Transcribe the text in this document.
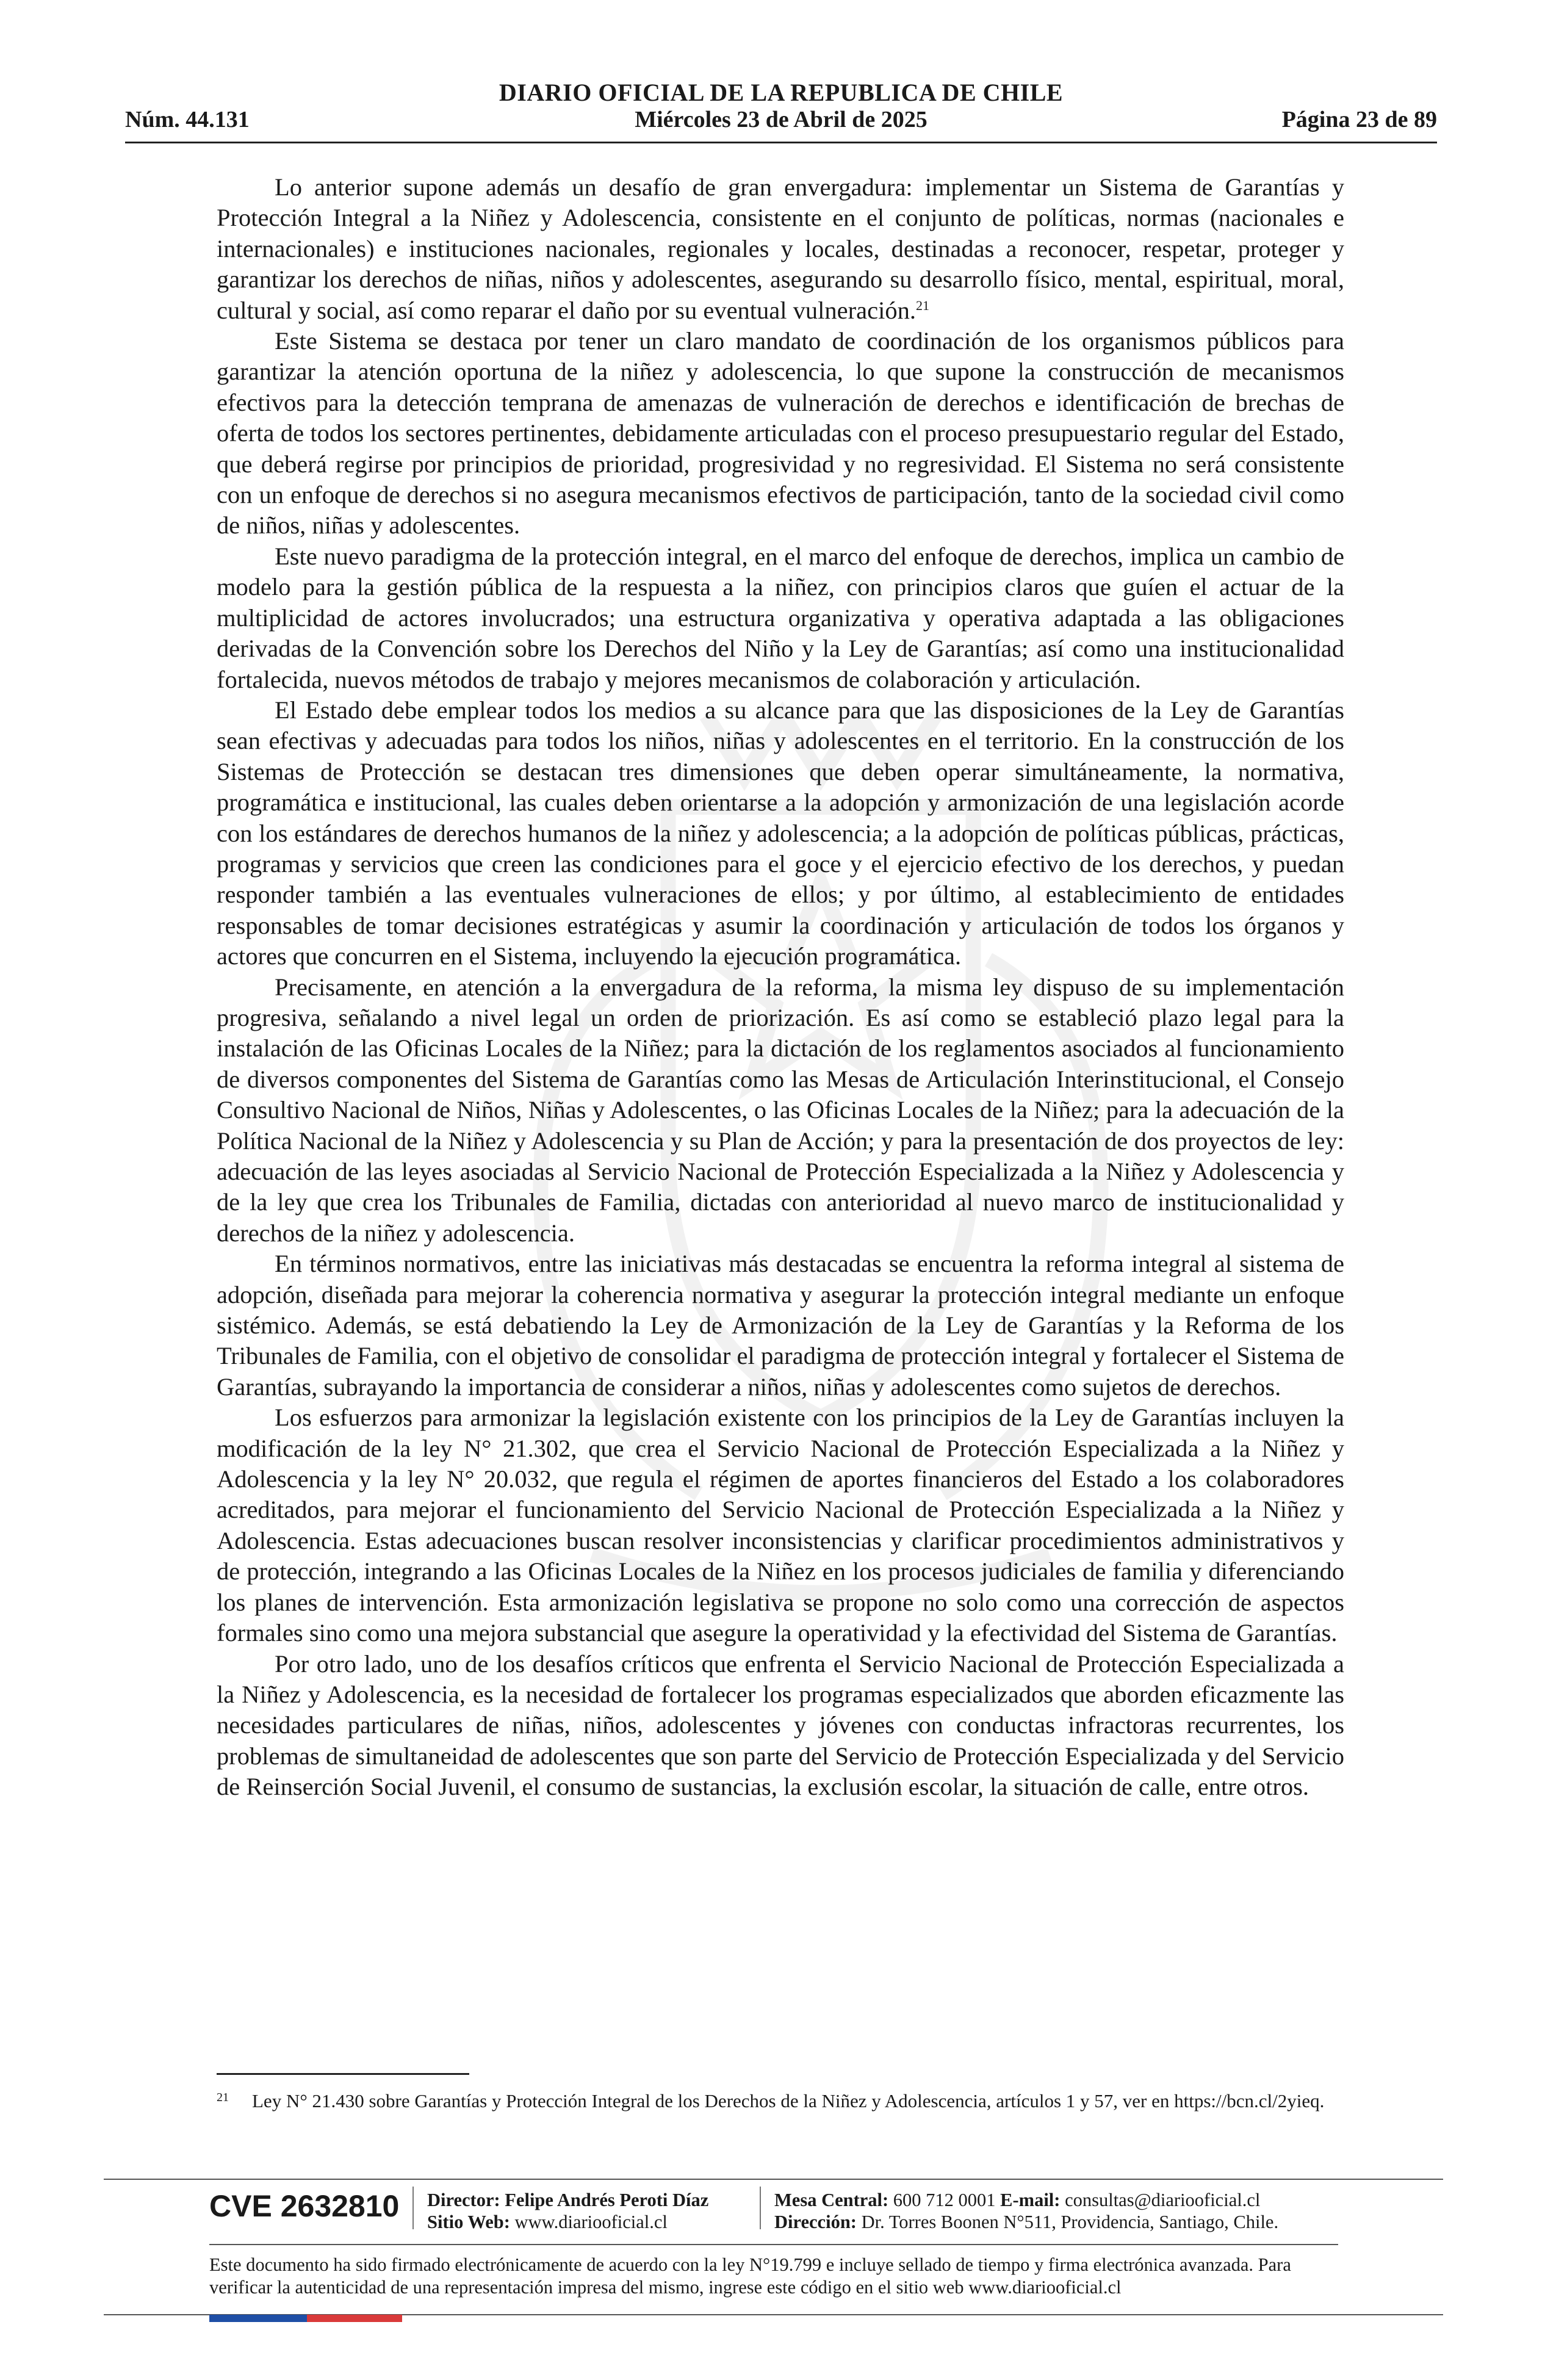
DIARIO OFICIAL DE LA REPUBLICA DE CHILE
Núm. 44.131	Miércoles 23 de Abril de 2025	Página 23 de 89

Lo anterior supone además un desafío de gran envergadura: implementar un Sistema de Garantías y Protección Integral a la Niñez y Adolescencia, consistente en el conjunto de políticas, normas (nacionales e internacionales) e instituciones nacionales, regionales y locales, destinadas a reconocer, respetar, proteger y garantizar los derechos de niñas, niños y adolescentes, asegurando su desarrollo físico, mental, espiritual, moral, cultural y social, así como reparar el daño por su eventual vulneración.$^{21}$

Este Sistema se destaca por tener un claro mandato de coordinación de los organismos públicos para garantizar la atención oportuna de la niñez y adolescencia, lo que supone la construcción de mecanismos efectivos para la detección temprana de amenazas de vulneración de derechos e identificación de brechas de oferta de todos los sectores pertinentes, debidamente articuladas con el proceso presupuestario regular del Estado, que deberá regirse por principios de prioridad, progresividad y no regresividad. El Sistema no será consistente con un enfoque de derechos si no asegura mecanismos efectivos de participación, tanto de la sociedad civil como de niños, niñas y adolescentes.

Este nuevo paradigma de la protección integral, en el marco del enfoque de derechos, implica un cambio de modelo para la gestión pública de la respuesta a la niñez, con principios claros que guíen el actuar de la multiplicidad de actores involucrados; una estructura organizativa y operativa adaptada a las obligaciones derivadas de la Convención sobre los Derechos del Niño y la Ley de Garantías; así como una institucionalidad fortalecida, nuevos métodos de trabajo y mejores mecanismos de colaboración y articulación.

El Estado debe emplear todos los medios a su alcance para que las disposiciones de la Ley de Garantías sean efectivas y adecuadas para todos los niños, niñas y adolescentes en el territorio. En la construcción de los Sistemas de Protección se destacan tres dimensiones que deben operar simultáneamente, la normativa, programática e institucional, las cuales deben orientarse a la adopción y armonización de una legislación acorde con los estándares de derechos humanos de la niñez y adolescencia; a la adopción de políticas públicas, prácticas, programas y servicios que creen las condiciones para el goce y el ejercicio efectivo de los derechos, y puedan responder también a las eventuales vulneraciones de ellos; y por último, al establecimiento de entidades responsables de tomar decisiones estratégicas y asumir la coordinación y articulación de todos los órganos y actores que concurren en el Sistema, incluyendo la ejecución programática.

Precisamente, en atención a la envergadura de la reforma, la misma ley dispuso de su implementación progresiva, señalando a nivel legal un orden de priorización. Es así como se estableció plazo legal para la instalación de las Oficinas Locales de la Niñez; para la dictación de los reglamentos asociados al funcionamiento de diversos componentes del Sistema de Garantías como las Mesas de Articulación Interinstitucional, el Consejo Consultivo Nacional de Niños, Niñas y Adolescentes, o las Oficinas Locales de la Niñez; para la adecuación de la Política Nacional de la Niñez y Adolescencia y su Plan de Acción; y para la presentación de dos proyectos de ley: adecuación de las leyes asociadas al Servicio Nacional de Protección Especializada a la Niñez y Adolescencia y de la ley que crea los Tribunales de Familia, dictadas con anterioridad al nuevo marco de institucionalidad y derechos de la niñez y adolescencia.

En términos normativos, entre las iniciativas más destacadas se encuentra la reforma integral al sistema de adopción, diseñada para mejorar la coherencia normativa y asegurar la protección integral mediante un enfoque sistémico. Además, se está debatiendo la Ley de Armonización de la Ley de Garantías y la Reforma de los Tribunales de Familia, con el objetivo de consolidar el paradigma de protección integral y fortalecer el Sistema de Garantías, subrayando la importancia de considerar a niños, niñas y adolescentes como sujetos de derechos.

Los esfuerzos para armonizar la legislación existente con los principios de la Ley de Garantías incluyen la modificación de la ley N° 21.302, que crea el Servicio Nacional de Protección Especializada a la Niñez y Adolescencia y la ley N° 20.032, que regula el régimen de aportes financieros del Estado a los colaboradores acreditados, para mejorar el funcionamiento del Servicio Nacional de Protección Especializada a la Niñez y Adolescencia. Estas adecuaciones buscan resolver inconsistencias y clarificar procedimientos administrativos y de protección, integrando a las Oficinas Locales de la Niñez en los procesos judiciales de familia y diferenciando los planes de intervención. Esta armonización legislativa se propone no solo como una corrección de aspectos formales sino como una mejora substancial que asegure la operatividad y la efectividad del Sistema de Garantías.

Por otro lado, uno de los desafíos críticos que enfrenta el Servicio Nacional de Protección Especializada a la Niñez y Adolescencia, es la necesidad de fortalecer los programas especializados que aborden eficazmente las necesidades particulares de niñas, niños, adolescentes y jóvenes con conductas infractoras recurrentes, los problemas de simultaneidad de adolescentes que son parte del Servicio de Protección Especializada y del Servicio de Reinserción Social Juvenil, el consumo de sustancias, la exclusión escolar, la situación de calle, entre otros.

$^{21}$ Ley N° 21.430 sobre Garantías y Protección Integral de los Derechos de la Niñez y Adolescencia, artículos 1 y 57, ver en https://bcn.cl/2yieq.
CVE 2632810 Director: Felipe Andrés Peroti Díaz
Sitio Web: www.diariooficial.cl
Mesa Central: 600 712 0001 E-mail: consultas@diariooficial.cl
Dirección: Dr. Torres Boonen N°511, Providencia, Santiago, Chile.
Este documento ha sido firmado electrónicamente de acuerdo con la ley N°19.799 e incluye sellado de tiempo y firma electrónica avanzada. Para verificar la autenticidad de una representación impresa del mismo, ingrese este código en el sitio web www.diariooficial.cl
